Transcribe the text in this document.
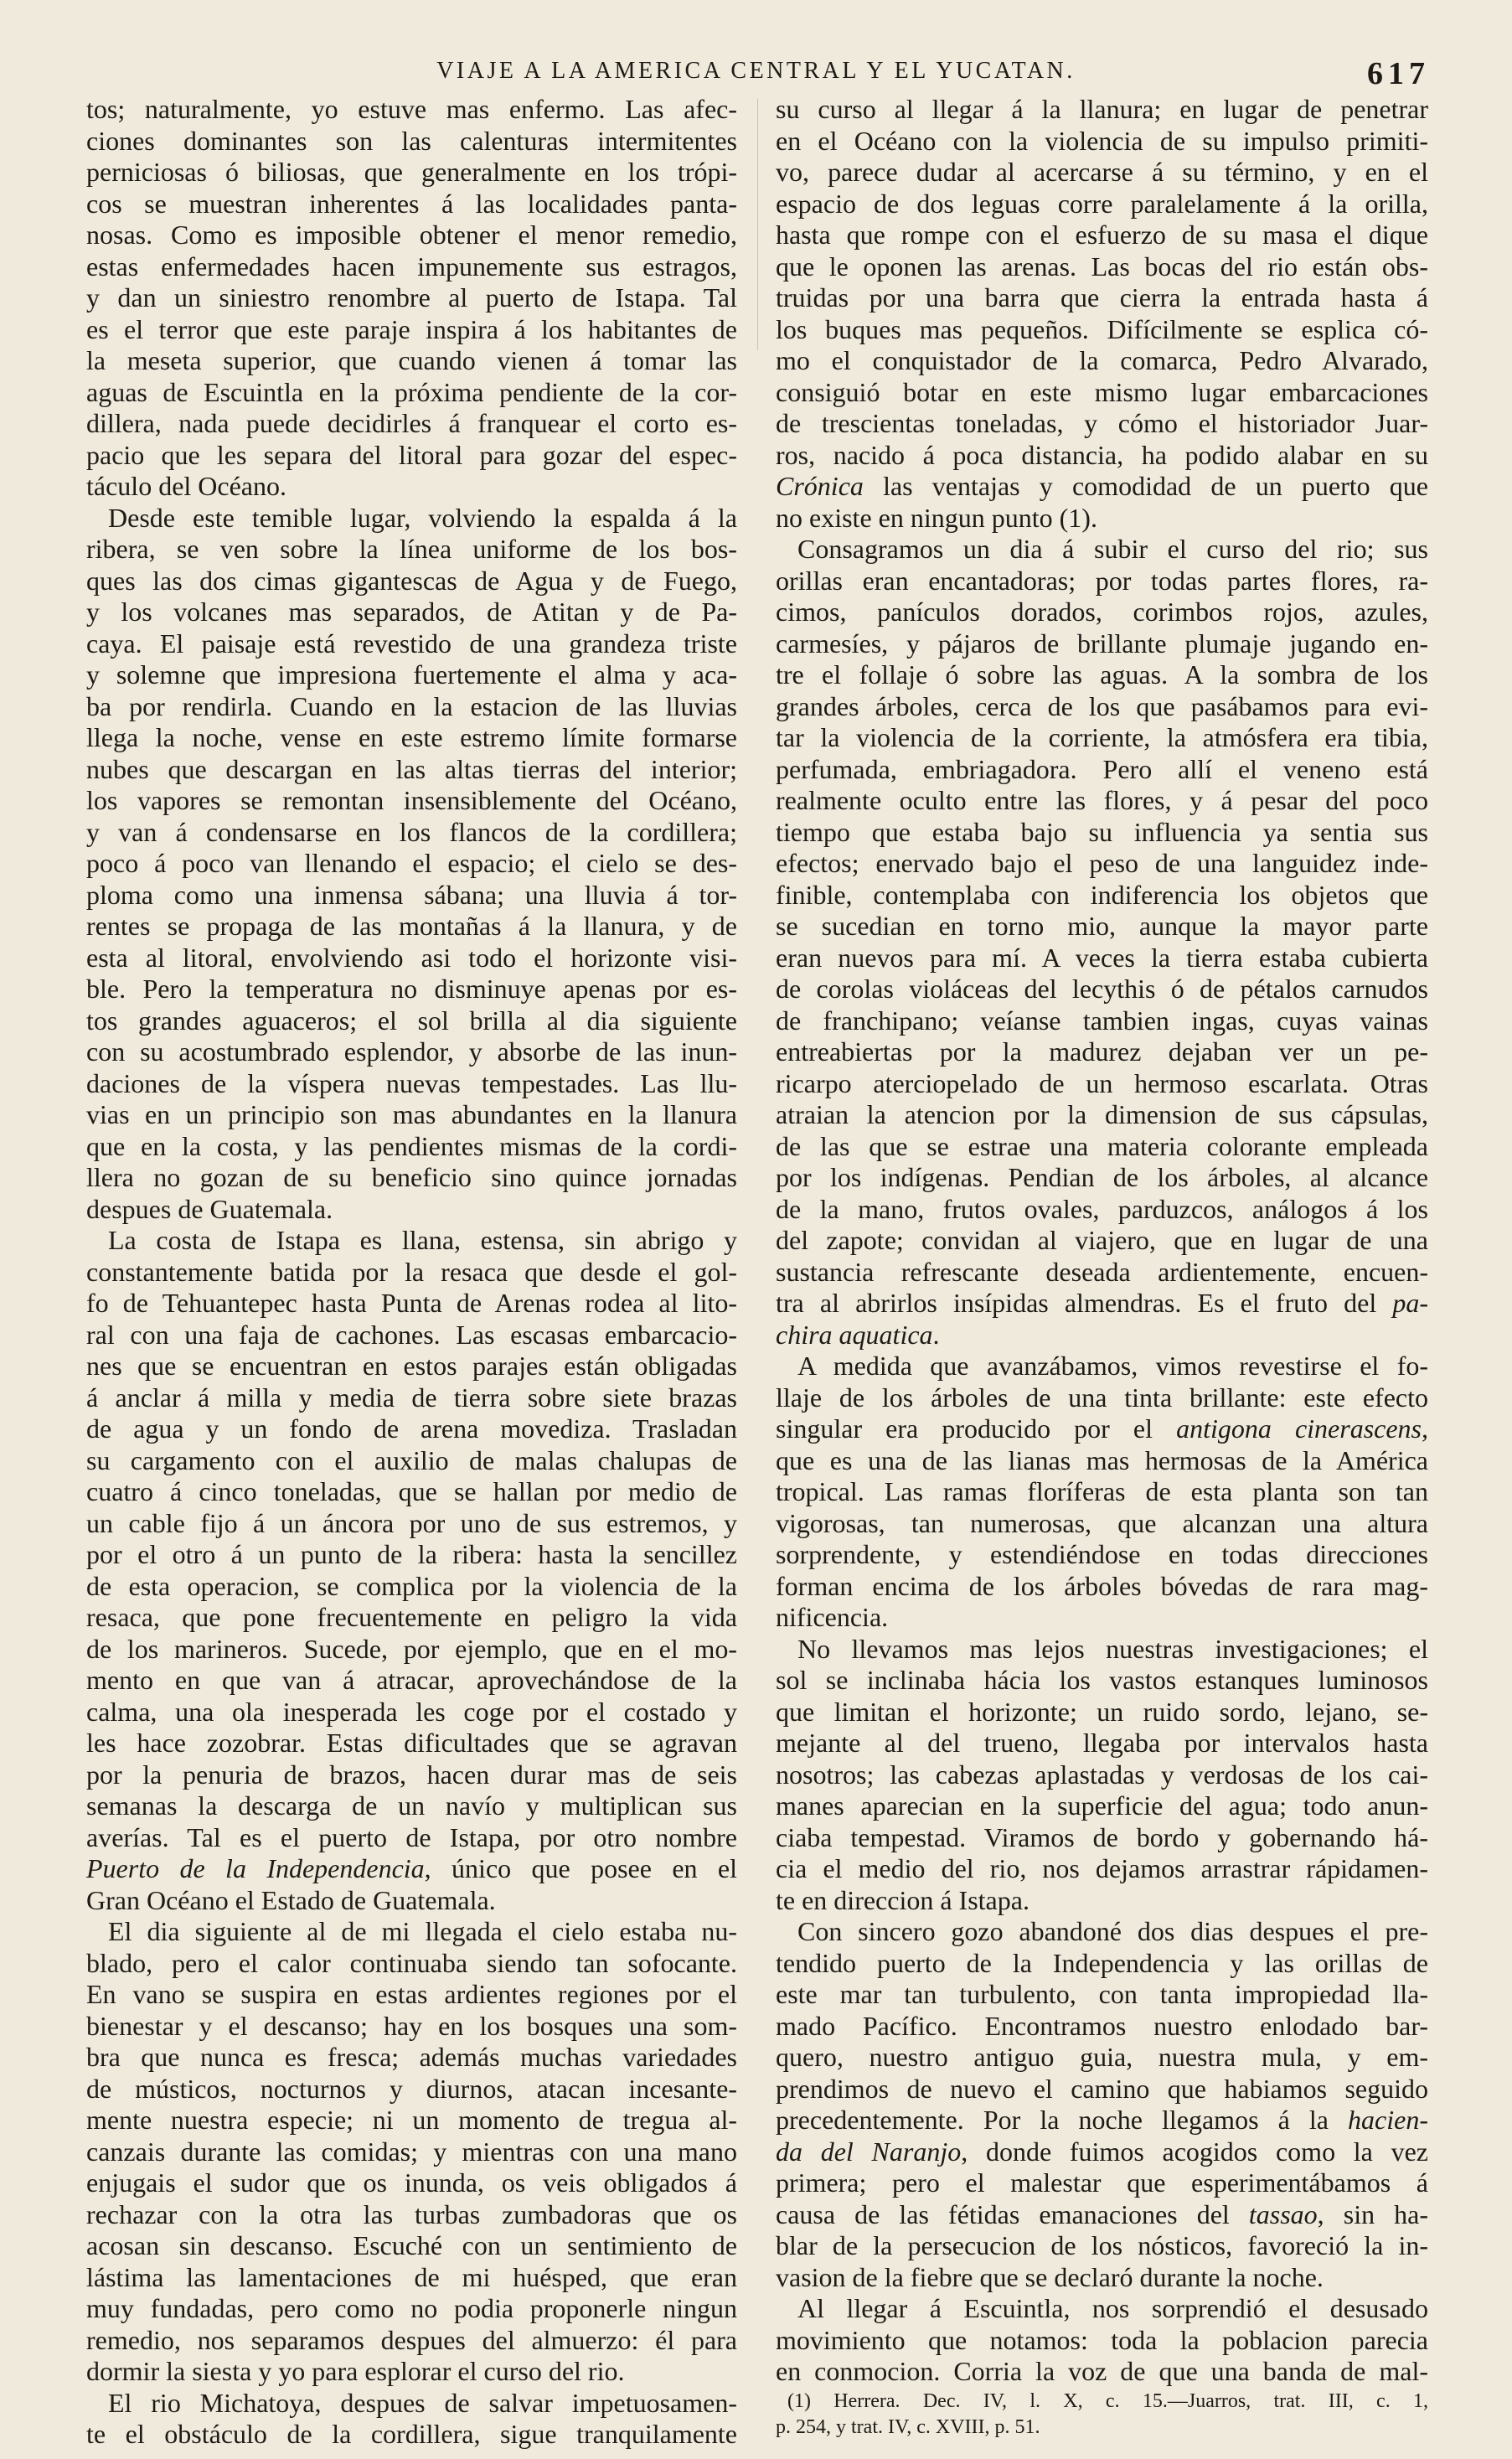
VIAJE A LA AMERICA CENTRAL Y EL YUCATAN.	617
tos; naturalmente, yo estuve mas enfermo. Las afec-
ciones dominantes son las calenturas intermitentes
perniciosas ó biliosas, que generalmente en los trópi-
cos se muestran inherentes á las localidades panta-
nosas. Como es imposible obtener el menor remedio,
estas enfermedades hacen impunemente sus estragos,
y dan un siniestro renombre al puerto de Istapa. Tal
es el terror que este paraje inspira á los habitantes de
la meseta superior, que cuando vienen á tomar las
aguas de Escuintla en la próxima pendiente de la cor-
dillera, nada puede decidirles á franquear el corto es-
pacio que les separa del litoral para gozar del espec-
táculo del Océano.
Desde este temible lugar, volviendo la espalda á la
ribera, se ven sobre la línea uniforme de los bos-
ques las dos cimas gigantescas de Agua y de Fuego,
y los volcanes mas separados, de Atitan y de Pa-
caya. El paisaje está revestido de una grandeza triste
y solemne que impresiona fuertemente el alma y aca-
ba por rendirla. Cuando en la estacion de las lluvias
llega la noche, vense en este estremo límite formarse
nubes que descargan en las altas tierras del interior;
los vapores se remontan insensiblemente del Océano,
y van á condensarse en los flancos de la cordillera;
poco á poco van llenando el espacio; el cielo se des-
ploma como una inmensa sábana; una lluvia á tor-
rentes se propaga de las montañas á la llanura, y de
esta al litoral, envolviendo asi todo el horizonte visi-
ble. Pero la temperatura no disminuye apenas por es-
tos grandes aguaceros; el sol brilla al dia siguiente
con su acostumbrado esplendor, y absorbe de las inun-
daciones de la víspera nuevas tempestades. Las llu-
vias en un principio son mas abundantes en la llanura
que en la costa, y las pendientes mismas de la cordi-
llera no gozan de su beneficio sino quince jornadas
despues de Guatemala.
La costa de Istapa es llana, estensa, sin abrigo y
constantemente batida por la resaca que desde el gol-
fo de Tehuantepec hasta Punta de Arenas rodea al lito-
ral con una faja de cachones. Las escasas embarcacio-
nes que se encuentran en estos parajes están obligadas
á anclar á milla y media de tierra sobre siete brazas
de agua y un fondo de arena movediza. Trasladan
su cargamento con el auxilio de malas chalupas de
cuatro á cinco toneladas, que se hallan por medio de
un cable fijo á un áncora por uno de sus estremos, y
por el otro á un punto de la ribera: hasta la sencillez
de esta operacion, se complica por la violencia de la
resaca, que pone frecuentemente en peligro la vida
de los marineros. Sucede, por ejemplo, que en el mo-
mento en que van á atracar, aprovechándose de la
calma, una ola inesperada les coge por el costado y
les hace zozobrar. Estas dificultades que se agravan
por la penuria de brazos, hacen durar mas de seis
semanas la descarga de un navío y multiplican sus
averías. Tal es el puerto de Istapa, por otro nombre
Puerto de la Independencia, único que posee en el
Gran Océano el Estado de Guatemala.
El dia siguiente al de mi llegada el cielo estaba nu-
blado, pero el calor continuaba siendo tan sofocante.
En vano se suspira en estas ardientes regiones por el
bienestar y el descanso; hay en los bosques una som-
bra que nunca es fresca; además muchas variedades
de músticos, nocturnos y diurnos, atacan incesante-
mente nuestra especie; ni un momento de tregua al-
canzais durante las comidas; y mientras con una mano
enjugais el sudor que os inunda, os veis obligados á
rechazar con la otra las turbas zumbadoras que os
acosan sin descanso. Escuché con un sentimiento de
lástima las lamentaciones de mi huésped, que eran
muy fundadas, pero como no podia proponerle ningun
remedio, nos separamos despues del almuerzo: él para
dormir la siesta y yo para esplorar el curso del rio.
El rio Michatoya, despues de salvar impetuosamen-
te el obstáculo de la cordillera, sigue tranquilamente
su curso al llegar á la llanura; en lugar de penetrar
en el Océano con la violencia de su impulso primiti-
vo, parece dudar al acercarse á su término, y en el
espacio de dos leguas corre paralelamente á la orilla,
hasta que rompe con el esfuerzo de su masa el dique
que le oponen las arenas. Las bocas del rio están obs-
truidas por una barra que cierra la entrada hasta á
los buques mas pequeños. Difícilmente se esplica có-
mo el conquistador de la comarca, Pedro Alvarado,
consiguió botar en este mismo lugar embarcaciones
de trescientas toneladas, y cómo el historiador Juar-
ros, nacido á poca distancia, ha podido alabar en su
Crónica las ventajas y comodidad de un puerto que
no existe en ningun punto (1).
Consagramos un dia á subir el curso del rio; sus
orillas eran encantadoras; por todas partes flores, ra-
cimos, panículos dorados, corimbos rojos, azules,
carmesíes, y pájaros de brillante plumaje jugando en-
tre el follaje ó sobre las aguas. A la sombra de los
grandes árboles, cerca de los que pasábamos para evi-
tar la violencia de la corriente, la atmósfera era tibia,
perfumada, embriagadora. Pero allí el veneno está
realmente oculto entre las flores, y á pesar del poco
tiempo que estaba bajo su influencia ya sentia sus
efectos; enervado bajo el peso de una languidez inde-
finible, contemplaba con indiferencia los objetos que
se sucedian en torno mio, aunque la mayor parte
eran nuevos para mí. A veces la tierra estaba cubierta
de corolas violáceas del lecythis ó de pétalos carnudos
de franchipano; veíanse tambien ingas, cuyas vainas
entreabiertas por la madurez dejaban ver un pe-
ricarpo aterciopelado de un hermoso escarlata. Otras
atraian la atencion por la dimension de sus cápsulas,
de las que se estrae una materia colorante empleada
por los indígenas. Pendian de los árboles, al alcance
de la mano, frutos ovales, parduzcos, análogos á los
del zapote; convidan al viajero, que en lugar de una
sustancia refrescante deseada ardientemente, encuen-
tra al abrirlos insípidas almendras. Es el fruto del pa-
chira aquatica.
A medida que avanzábamos, vimos revestirse el fo-
llaje de los árboles de una tinta brillante: este efecto
singular era producido por el antigona cinerascens,
que es una de las lianas mas hermosas de la América
tropical. Las ramas floríferas de esta planta son tan
vigorosas, tan numerosas, que alcanzan una altura
sorprendente, y estendiéndose en todas direcciones
forman encima de los árboles bóvedas de rara mag-
nificencia.
No llevamos mas lejos nuestras investigaciones; el
sol se inclinaba hácia los vastos estanques luminosos
que limitan el horizonte; un ruido sordo, lejano, se-
mejante al del trueno, llegaba por intervalos hasta
nosotros; las cabezas aplastadas y verdosas de los cai-
manes aparecian en la superficie del agua; todo anun-
ciaba tempestad. Viramos de bordo y gobernando há-
cia el medio del rio, nos dejamos arrastrar rápidamen-
te en direccion á Istapa.
Con sincero gozo abandoné dos dias despues el pre-
tendido puerto de la Independencia y las orillas de
este mar tan turbulento, con tanta impropiedad lla-
mado Pacífico. Encontramos nuestro enlodado bar-
quero, nuestro antiguo guia, nuestra mula, y em-
prendimos de nuevo el camino que habiamos seguido
precedentemente. Por la noche llegamos á la hacien-
da del Naranjo, donde fuimos acogidos como la vez
primera; pero el malestar que esperimentábamos á
causa de las fétidas emanaciones del tassao, sin ha-
blar de la persecucion de los nósticos, favoreció la in-
vasion de la fiebre que se declaró durante la noche.
Al llegar á Escuintla, nos sorprendió el desusado
movimiento que notamos: toda la poblacion parecia
en conmocion. Corria la voz de que una banda de mal-
(1) Herrera. Dec. IV, l. X, c. 15.—Juarros, trat. III, c. 1,
p. 254, y trat. IV, c. XVIII, p. 51.
